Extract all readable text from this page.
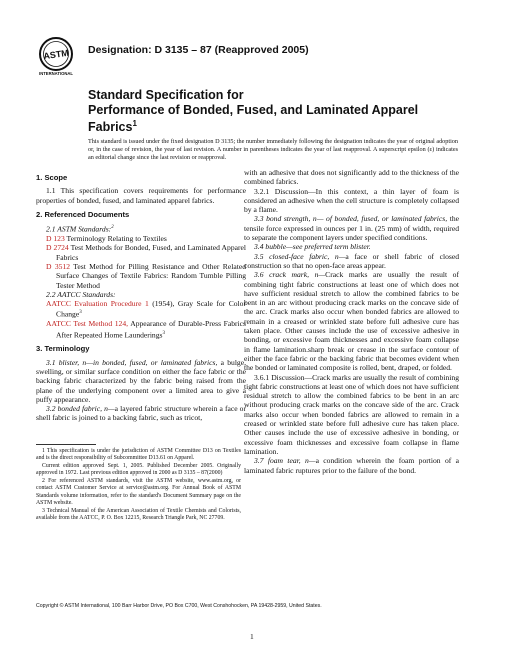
ASTM
INTERNATIONAL
Designation: D 3135 – 87 (Reapproved 2005)
Standard Specification for
Performance of Bonded, Fused, and Laminated Apparel
Fabrics$^1$
This standard is issued under the fixed designation D 3135; the number immediately following the designation indicates the year of original adoption or, in the case of revision, the year of last revision. A number in parentheses indicates the year of last reapproval. A superscript epsilon (ε) indicates an editorial change since the last revision or reapproval.
1. Scope

1.1 This specification covers requirements for performance properties of bonded, fused, and laminated apparel fabrics.

2. Referenced Documents

2.1 ASTM Standards:$^2$

D 123 Terminology Relating to Textiles

D 2724 Test Methods for Bonded, Fused, and Laminated Apparel Fabrics

D 3512 Test Method for Pilling Resistance and Other Related Surface Changes of Textile Fabrics: Random Tumble Pilling Tester Method

2.2 AATCC Standards:

AATCC Evaluation Procedure 1 (1954), Gray Scale for Color Change$^3$

AATCC Test Method 124, Appearance of Durable-Press Fabrics After Repeated Home Launderings$^3$

3. Terminology

3.1 blister, n—in bonded, fused, or laminated fabrics, a bulge, swelling, or similar surface condition on either the face fabric or the backing fabric characterized by the fabric being raised from the plane of the underlying component over a limited area to give a puffy appearance.

3.2 bonded fabric, n—a layered fabric structure wherein a face or shell fabric is joined to a backing fabric, such as tricot,

1 This specification is under the jurisdiction of ASTM Committee D13 on Textiles and is the direct responsibility of Subcommittee D13.61 on Apparel.

Current edition approved Sept. 1, 2005. Published December 2005. Originally approved in 1972. Last previous edition approved in 2000 as D 3135 – 87(2000)

2 For referenced ASTM standards, visit the ASTM website, www.astm.org, or contact ASTM Customer Service at service@astm.org. For Annual Book of ASTM Standards volume information, refer to the standard's Document Summary page on the ASTM website.

3 Technical Manual of the American Association of Textile Chemists and Colorists, available from the AATCC, P. O. Box 12215, Research Triangle Park, NC 27709.

with an adhesive that does not significantly add to the thickness of the combined fabrics.

3.2.1 Discussion—In this context, a thin layer of foam is considered an adhesive when the cell structure is completely collapsed by a flame.

3.3 bond strength, n— of bonded, fused, or laminated fabrics, the tensile force expressed in ounces per 1 in. (25 mm) of width, required to separate the component layers under specified conditions.

3.4 bubble—see preferred term blister.

3.5 closed-face fabric, n—a face or shell fabric of closed construction so that no open-face areas appear.

3.6 crack mark, n—Crack marks are usually the result of combining tight fabric constructions at least one of which does not have sufficient residual stretch to allow the combined fabrics to be bent in an arc without producing crack marks on the concave side of the arc. Crack marks also occur when bonded fabrics are allowed to remain in a creased or wrinkled state before full adhesive cure has taken place. Other causes include the use of excessive adhesive in bonding, or excessive foam thicknesses and excessive foam collapse in flame lamination.sharp break or crease in the surface contour of either the face fabric or the backing fabric that becomes evident when the bonded or laminated composite is rolled, bent, draped, or folded.

3.6.1 Discussion—Crack marks are usually the result of combining tight fabric constructions at least one of which does not have sufficient residual stretch to allow the combined fabrics to be bent in an arc without producing crack marks on the concave side of the arc. Crack marks also occur when bonded fabrics are allowed to remain in a creased or wrinkled state before full adhesive cure has taken place. Other causes include the use of excessive adhesive in bonding, or excessive foam thicknesses and excessive foam collapse in flame lamination.

3.7 foam tear, n—a condition wherein the foam portion of a laminated fabric ruptures prior to the failure of the bond.

Copyright © ASTM International, 100 Barr Harbor Drive, PO Box C700, West Conshohocken, PA 19428-2959, United States.
1
